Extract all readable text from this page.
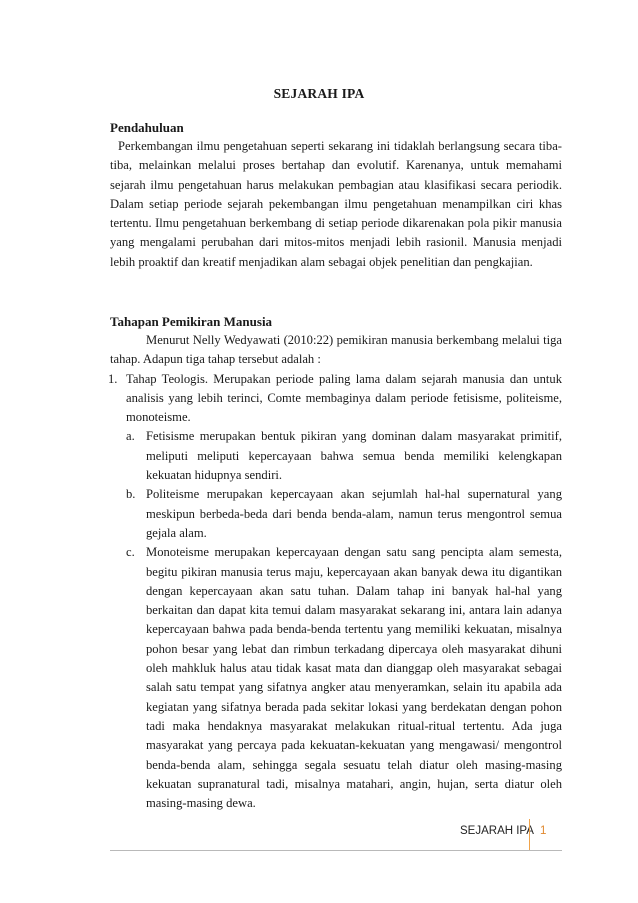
SEJARAH IPA
Pendahuluan
Perkembangan ilmu pengetahuan seperti sekarang ini tidaklah berlangsung secara tiba-tiba, melainkan melalui proses bertahap dan evolutif. Karenanya, untuk memahami sejarah ilmu pengetahuan harus melakukan pembagian atau klasifikasi secara periodik. Dalam setiap periode sejarah pekembangan ilmu pengetahuan menampilkan ciri khas tertentu. Ilmu pengetahuan berkembang di setiap periode dikarenakan pola pikir manusia yang mengalami perubahan dari mitos-mitos menjadi lebih rasionil. Manusia menjadi lebih proaktif dan kreatif menjadikan alam sebagai objek penelitian dan pengkajian.
Tahapan Pemikiran Manusia
Menurut Nelly Wedyawati (2010:22) pemikiran manusia berkembang melalui tiga tahap. Adapun tiga tahap tersebut adalah :
1. Tahap Teologis. Merupakan periode paling lama dalam sejarah manusia dan untuk analisis yang lebih terinci, Comte membaginya dalam periode fetisisme, politeisme, monoteisme.
a. Fetisisme merupakan bentuk pikiran yang dominan dalam masyarakat primitif, meliputi meliputi kepercayaan bahwa semua benda memiliki kelengkapan kekuatan hidupnya sendiri.
b. Politeisme merupakan kepercayaan akan sejumlah hal-hal supernatural yang meskipun berbeda-beda dari benda benda-alam, namun terus mengontrol semua gejala alam.
c. Monoteisme merupakan kepercayaan dengan satu sang pencipta alam semesta, begitu pikiran manusia terus maju, kepercayaan akan banyak dewa itu digantikan dengan kepercayaan akan satu tuhan. Dalam tahap ini banyak hal-hal yang berkaitan dan dapat kita temui dalam masyarakat sekarang ini, antara lain adanya kepercayaan bahwa pada benda-benda tertentu yang memiliki kekuatan, misalnya pohon besar yang lebat dan rimbun terkadang dipercaya oleh masyarakat dihuni oleh mahkluk halus atau tidak kasat mata dan dianggap oleh masyarakat sebagai salah satu tempat yang sifatnya angker atau menyeramkan, selain itu apabila ada kegiatan yang sifatnya berada pada sekitar lokasi yang berdekatan dengan pohon tadi maka hendaknya masyarakat melakukan ritual-ritual tertentu. Ada juga masyarakat yang percaya pada kekuatan-kekuatan yang mengawasi/ mengontrol benda-benda alam, sehingga segala sesuatu telah diatur oleh masing-masing kekuatan supranatural tadi, misalnya matahari, angin, hujan, serta diatur oleh masing-masing dewa.
SEJARAH IPA 1
